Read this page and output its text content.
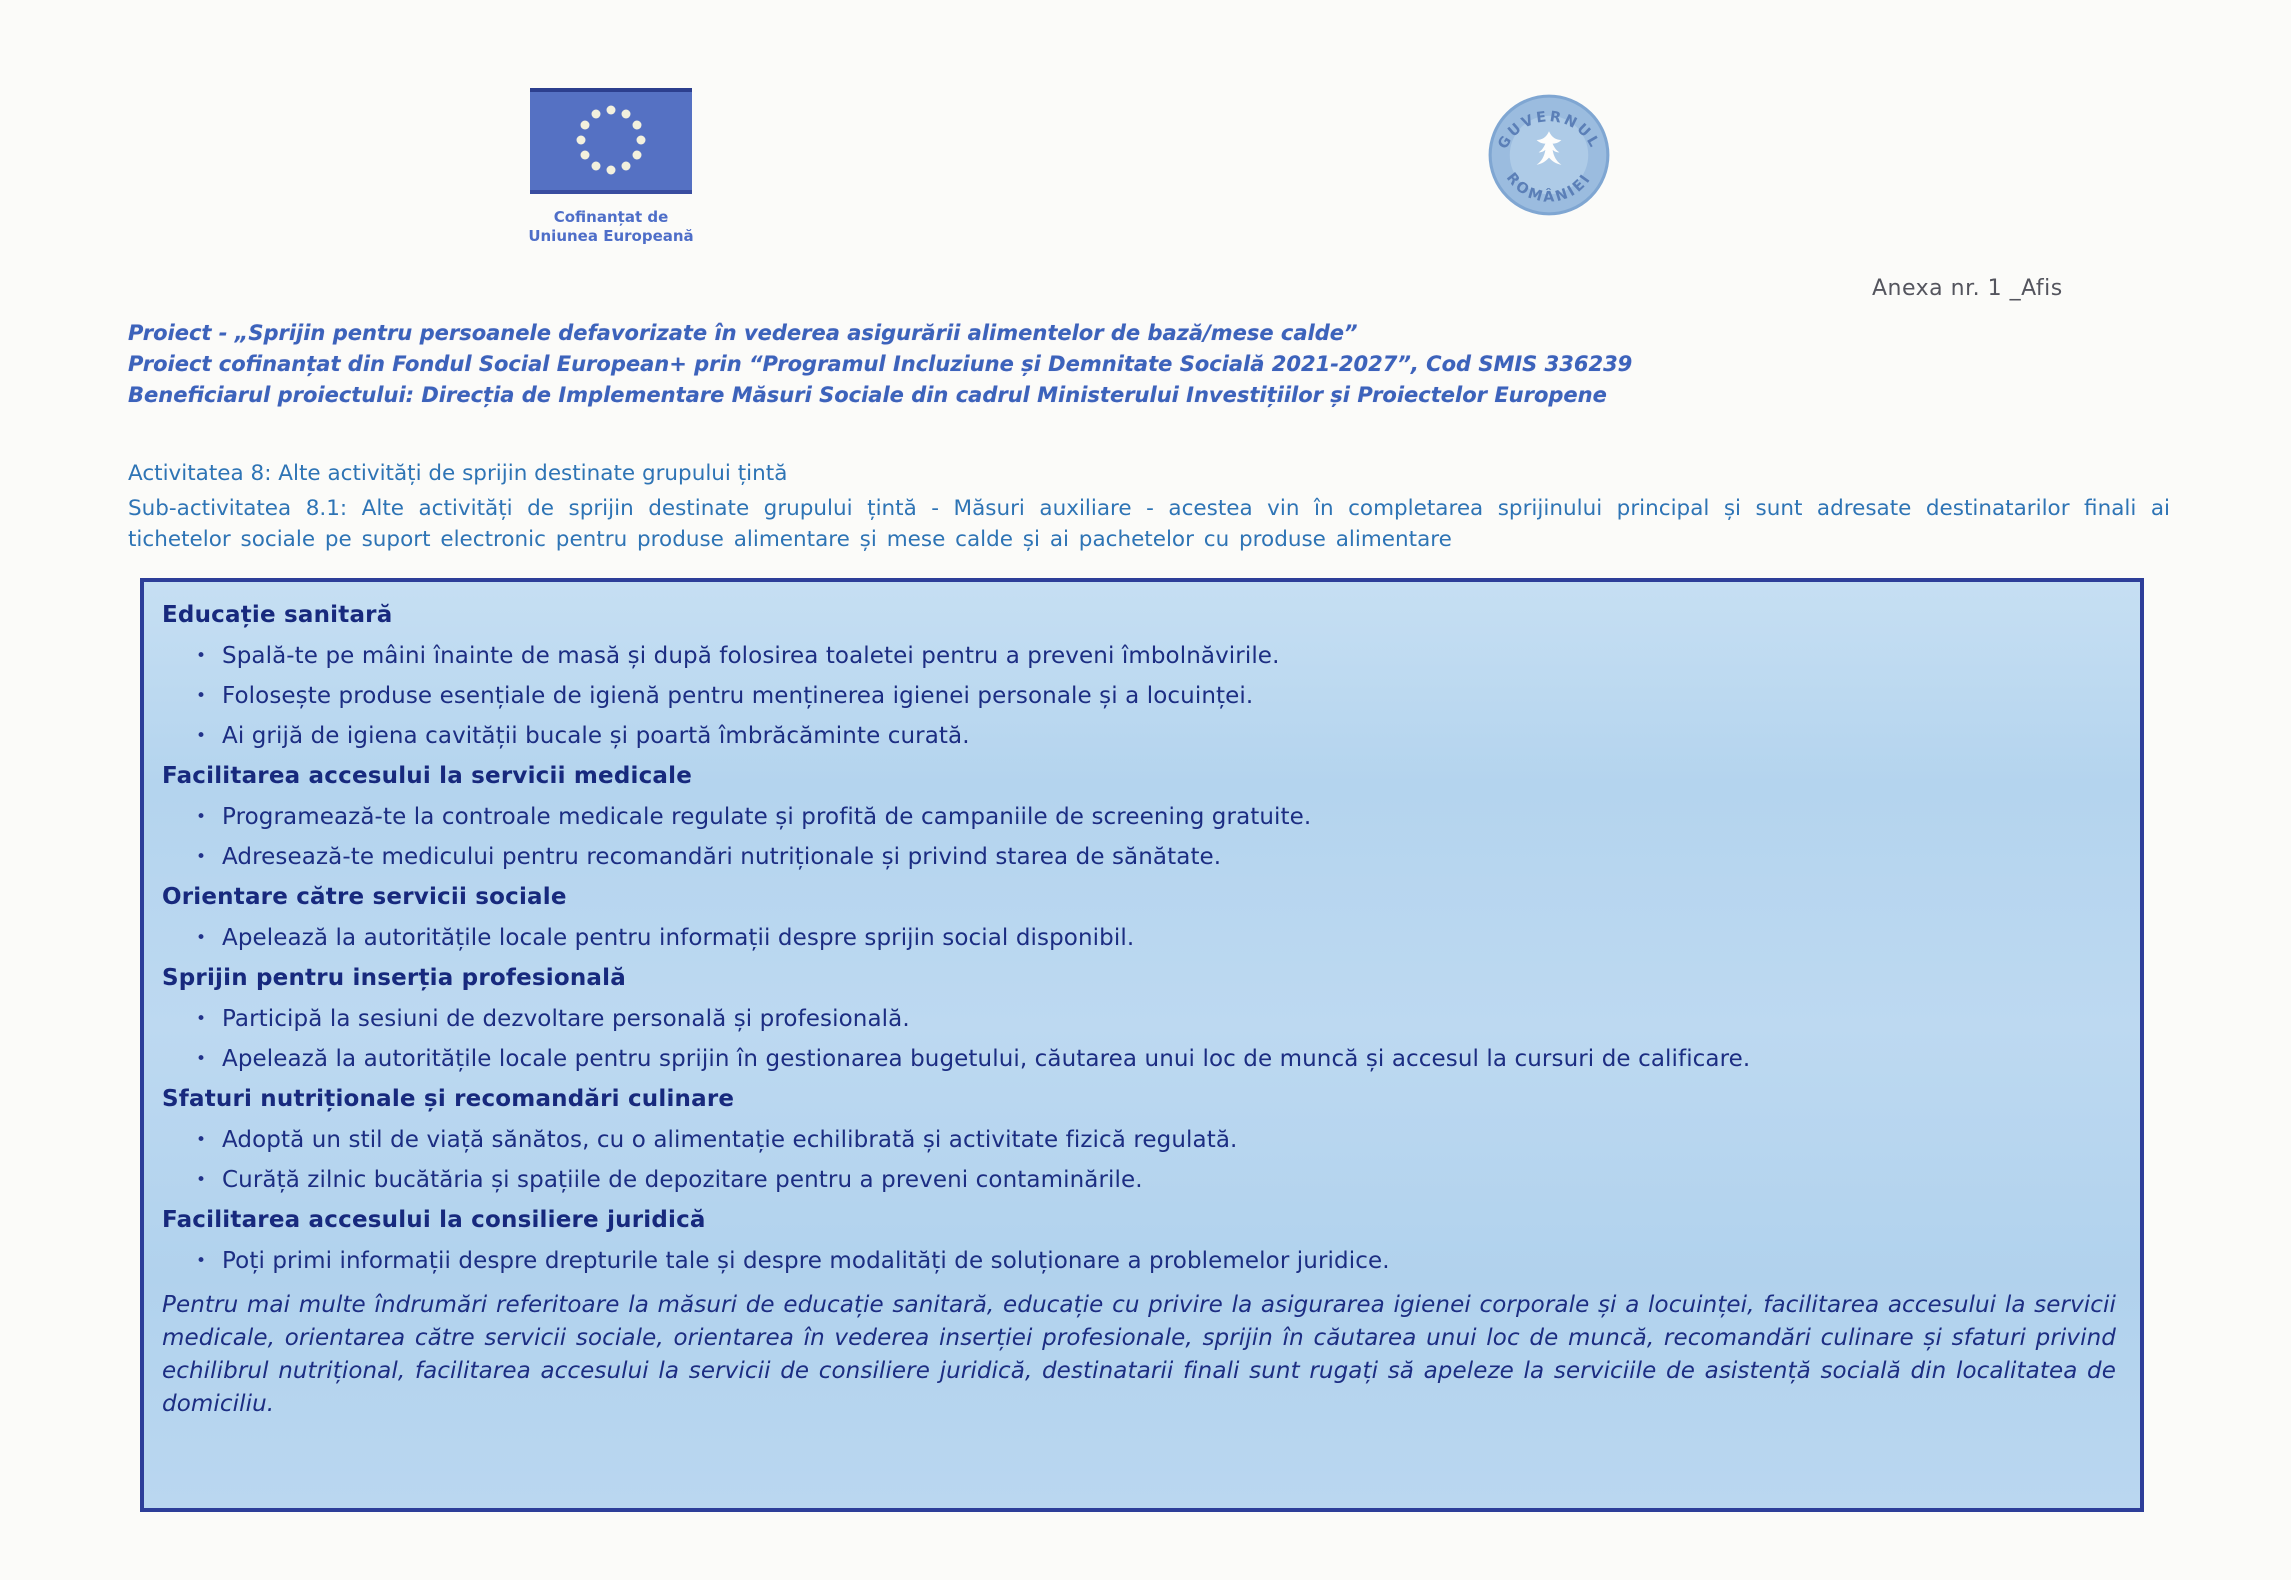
Cofinanțat de
Uniunea Europeană
GUVERNUL
ROMÂNIEI
Anexa nr. 1 _Afis
Proiect - „Sprijin pentru persoanele defavorizate în vederea asigurării alimentelor de bază/mese calde”
Proiect cofinanțat din Fondul Social European+ prin “Programul Incluziune și Demnitate Socială 2021-2027”, Cod SMIS 336239
Beneficiarul proiectului: Direcția de Implementare Măsuri Sociale din cadrul Ministerului Investițiilor și Proiectelor Europene
Activitatea 8: Alte activități de sprijin destinate grupului țintă
Sub-activitatea 8.1: Alte activități de sprijin destinate grupului țintă - Măsuri auxiliare - acestea vin în completarea sprijinului principal și sunt adresate destinatarilor finali ai tichetelor sociale pe suport electronic pentru produse alimentare și mese calde și ai pachetelor cu produse alimentare
Educație sanitară
• Spală-te pe mâini înainte de masă și după folosirea toaletei pentru a preveni îmbolnăvirile.
• Folosește produse esențiale de igienă pentru menținerea igienei personale și a locuinței.
• Ai grijă de igiena cavității bucale și poartă îmbrăcăminte curată.
Facilitarea accesului la servicii medicale
• Programează-te la controale medicale regulate și profită de campaniile de screening gratuite.
• Adresează-te medicului pentru recomandări nutriționale și privind starea de sănătate.
Orientare către servicii sociale
• Apelează la autoritățile locale pentru informații despre sprijin social disponibil.
Sprijin pentru inserția profesională
• Participă la sesiuni de dezvoltare personală și profesională.
• Apelează la autoritățile locale pentru sprijin în gestionarea bugetului, căutarea unui loc de muncă și accesul la cursuri de calificare.
Sfaturi nutriționale și recomandări culinare
• Adoptă un stil de viață sănătos, cu o alimentație echilibrată și activitate fizică regulată.
• Curăță zilnic bucătăria și spațiile de depozitare pentru a preveni contaminările.
Facilitarea accesului la consiliere juridică
• Poți primi informații despre drepturile tale și despre modalități de soluționare a problemelor juridice.

Pentru mai multe îndrumări referitoare la măsuri de educație sanitară, educație cu privire la asigurarea igienei corporale și a locuinței, facilitarea accesului la servicii medicale, orientarea către servicii sociale, orientarea în vederea inserției profesionale, sprijin în căutarea unui loc de muncă, recomandări culinare și sfaturi privind echilibrul nutrițional, facilitarea accesului la servicii de consiliere juridică, destinatarii finali sunt rugați să apeleze la serviciile de asistență socială din localitatea de domiciliu.
